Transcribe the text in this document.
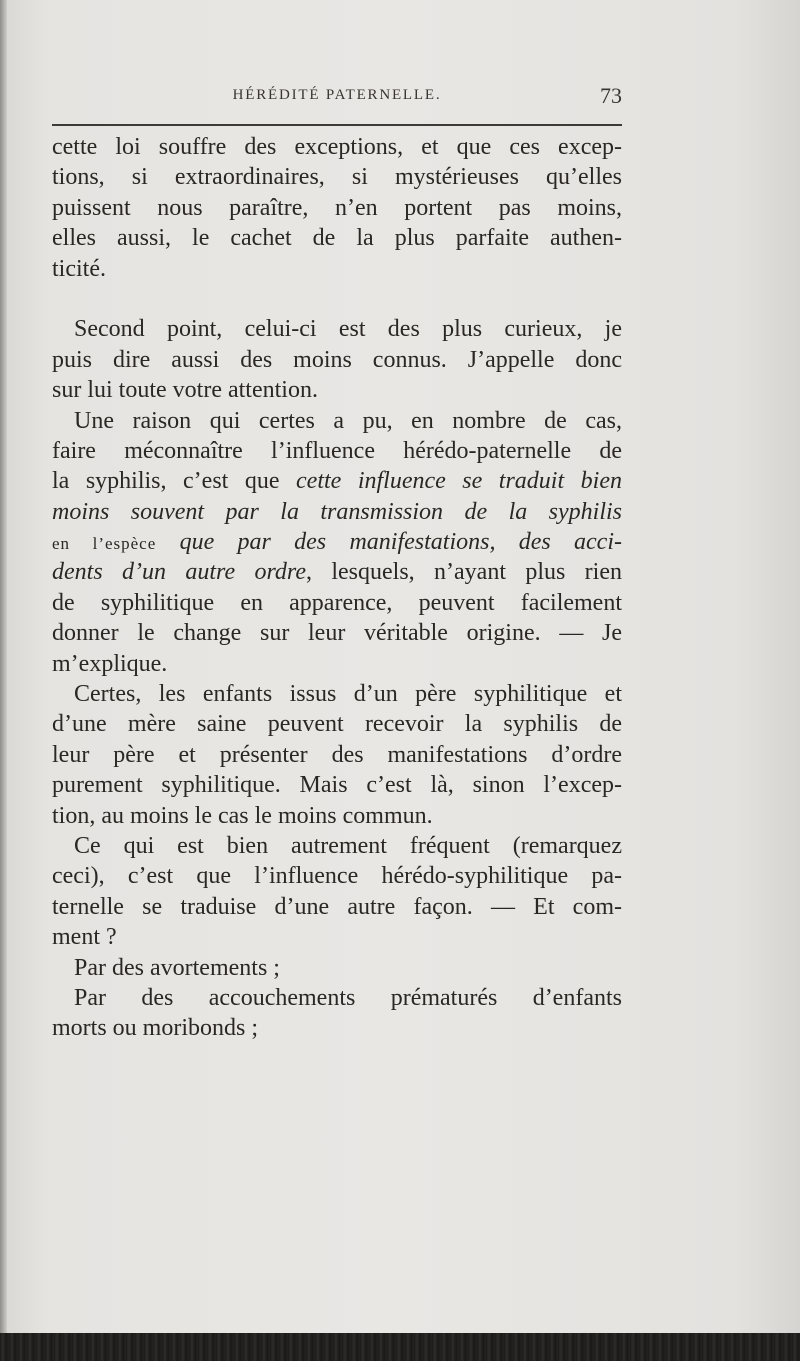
HÉRÉDITÉ PATERNELLE.	73
cette loi souffre des exceptions, et que ces excep-
tions, si extraordinaires, si mystérieuses qu’elles
puissent nous paraître, n’en portent pas moins,
elles aussi, le cachet de la plus parfaite authen-
ticité.
Second point, celui-ci est des plus curieux, je
puis dire aussi des moins connus. J’appelle donc
sur lui toute votre attention.
Une raison qui certes a pu, en nombre de cas,
faire méconnaître l’influence hérédo-paternelle de
la syphilis, c’est que cette influence se traduit bien
moins souvent par la transmission de la syphilis
en l’espèce que par des manifestations, des acci-
dents d’un autre ordre, lesquels, n’ayant plus rien
de syphilitique en apparence, peuvent facilement
donner le change sur leur véritable origine. — Je
m’explique.
Certes, les enfants issus d’un père syphilitique et
d’une mère saine peuvent recevoir la syphilis de
leur père et présenter des manifestations d’ordre
purement syphilitique. Mais c’est là, sinon l’excep-
tion, au moins le cas le moins commun.
Ce qui est bien autrement fréquent (remarquez
ceci), c’est que l’influence hérédo-syphilitique pa-
ternelle se traduise d’une autre façon. — Et com-
ment ?
Par des avortements ;
Par des accouchements prématurés d’enfants
morts ou moribonds ;
